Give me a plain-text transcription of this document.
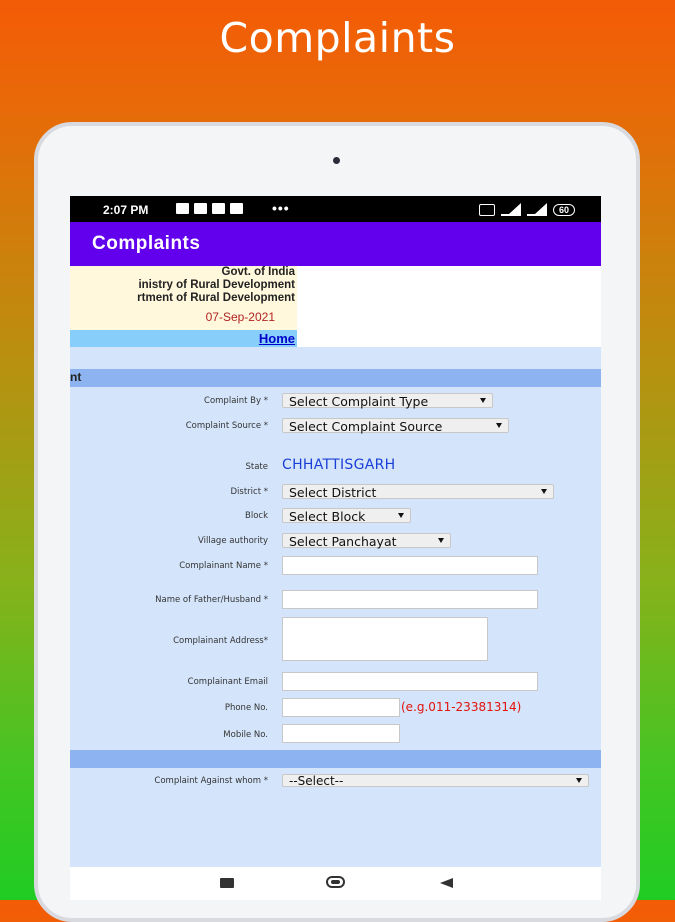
Complaints
2:07 PM	•••	60
Complaints
Govt. of India
inistry of Rural Development
rtment of Rural Development
07-Sep-2021
Home
nt
Complaint By *	Select Complaint Type
Complaint Source *	Select Complaint Source
State CHHATTISGARH
District *	Select District
Block	Select Block
Village authority	Select Panchayat
Complainant Name *
Name of Father/Husband *
Complainant Address*
Complainant Email
Phone No.	(e.g.011-23381314)
Mobile No.
Complaint Against whom *	--Select--
